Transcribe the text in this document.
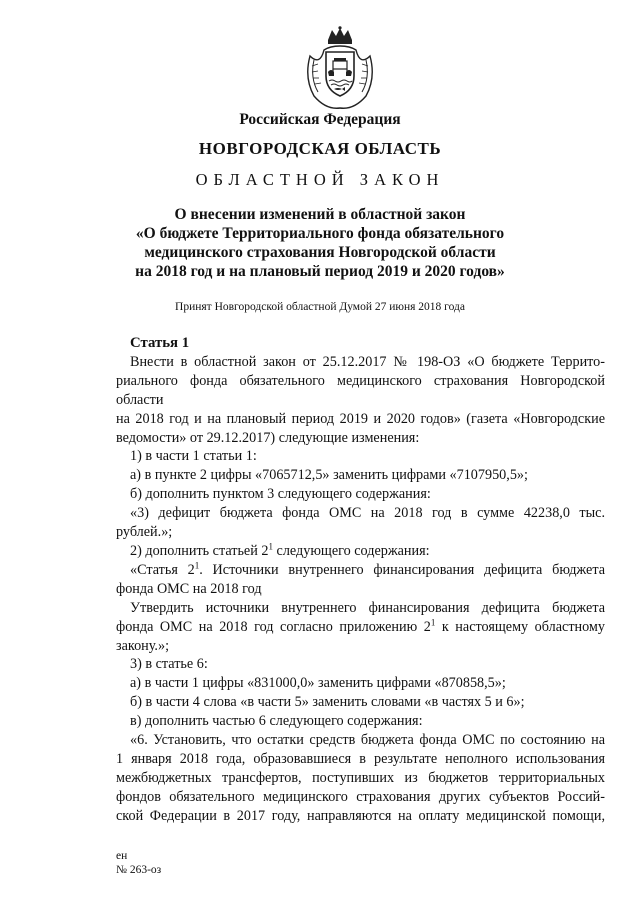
Российская Федерация
НОВГОРОДСКАЯ ОБЛАСТЬ
ОБЛАСТНОЙ ЗАКОН
О внесении изменений в областной закон
«О бюджете Территориального фонда обязательного
медицинского страхования Новгородской области
на 2018 год и на плановый период 2019 и 2020 годов»
Принят Новгородской областной Думой 27 июня 2018 года
Статья 1

Внести в областной закон от 25.12.2017 № 198-ОЗ «О бюджете Террито-

риального фонда обязательного медицинского страхования Новгородской области

на 2018 год и на плановый период 2019 и 2020 годов» (газета «Новгородские

ведомости» от 29.12.2017) следующие изменения:

1) в части 1 статьи 1:

а) в пункте 2 цифры «7065712,5» заменить цифрами «7107950,5»;

б) дополнить пунктом 3 следующего содержания:

«3) дефицит бюджета фонда ОМС на 2018 год в сумме 42238,0 тыс.

рублей.»;

2) дополнить статьей $2^1$ следующего содержания:

«Статья $2^1$. Источники внутреннего финансирования дефицита бюджета

фонда ОМС на 2018 год

Утвердить источники внутреннего финансирования дефицита бюджета

фонда ОМС на 2018 год согласно приложению $2^1$ к настоящему областному

закону.»;

3) в статье 6:

а) в части 1 цифры «831000,0» заменить цифрами «870858,5»;

б) в части 4 слова «в части 5» заменить словами «в частях 5 и 6»;

в) дополнить частью 6 следующего содержания:

«6. Установить, что остатки средств бюджета фонда ОМС по состоянию на

1 января 2018 года, образовавшиеся в результате неполного использования

межбюджетных трансфертов, поступивших из бюджетов территориальных

фондов обязательного медицинского страхования других субъектов Россий-

ской Федерации в 2017 году, направляются на оплату медицинской помощи,

ен
№ 263-оз
